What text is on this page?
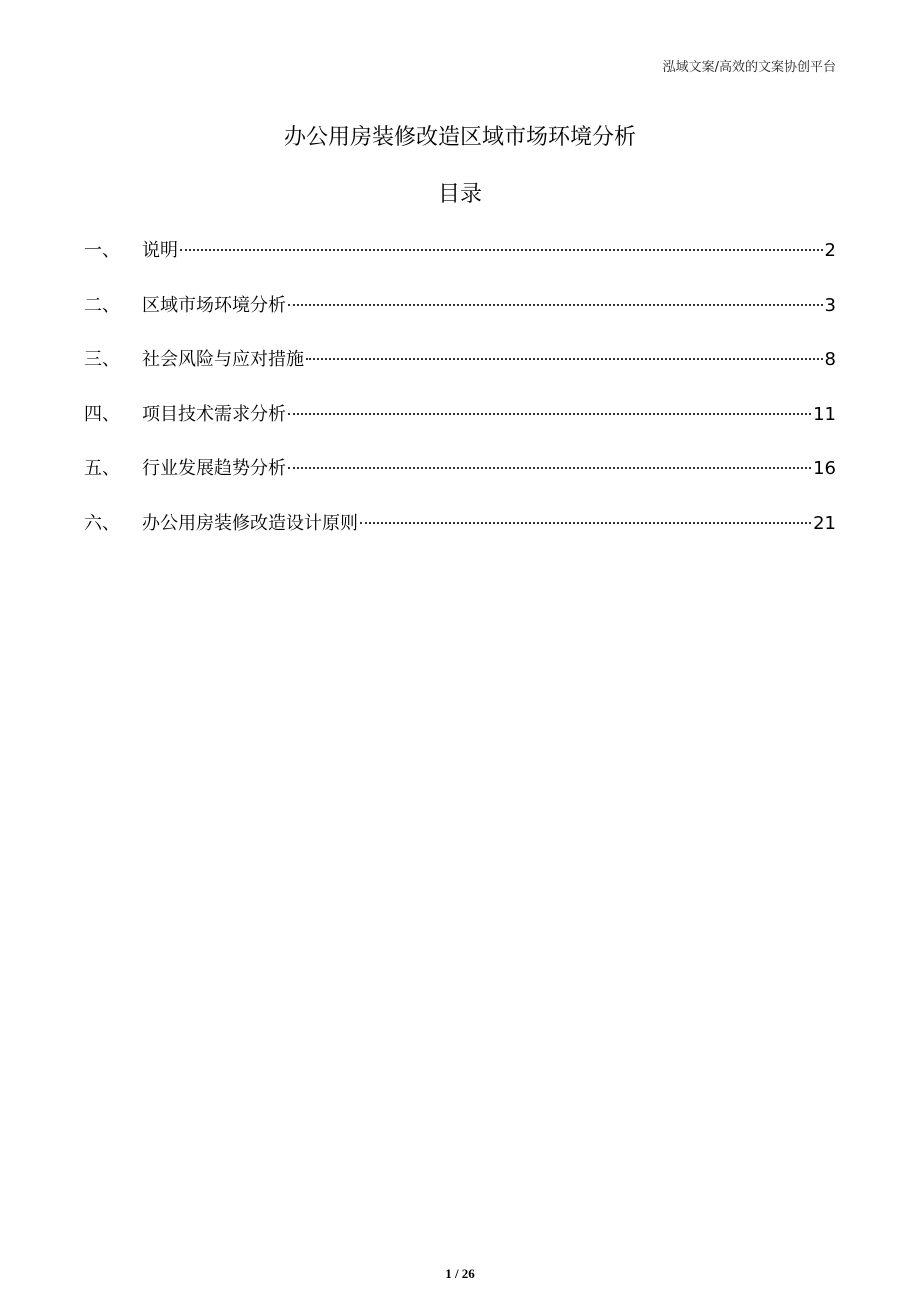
泓域文案/高效的文案协创平台
办公用房装修改造区域市场环境分析
目录
一、	说明	2
二、	区域市场环境分析	3
三、	社会风险与应对措施	8
四、	项目技术需求分析	11
五、	行业发展趋势分析	16
六、	办公用房装修改造设计原则	21
1 / 26
